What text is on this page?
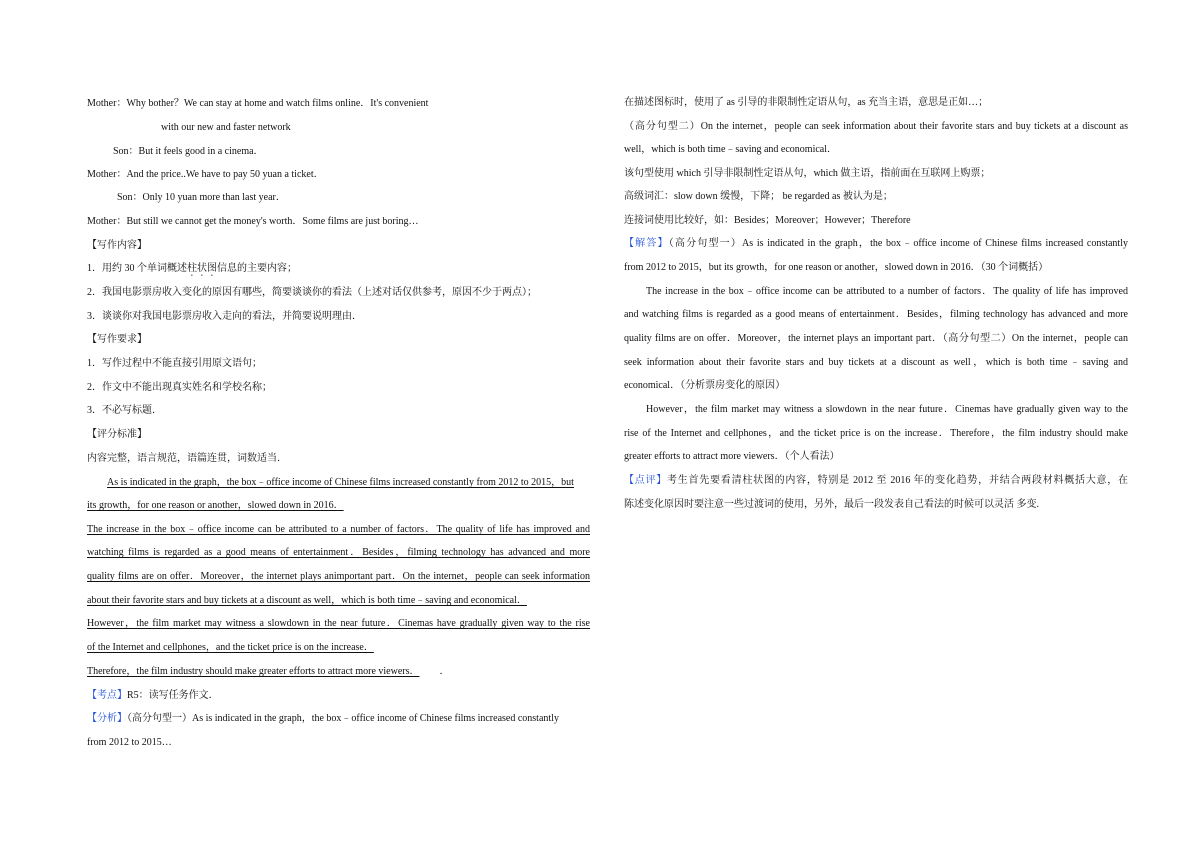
Mother：Why bother？We can stay at home and watch films online．It's convenient
with our new and faster network
Son：But it feels good in a cinema．
Mother：And the price..We have to pay 50 yuan a ticket．
Son：Only 10 yuan more than last year．
Mother：But still we cannot get the money's worth．Some films are just boring…
【写作内容】
1．用约 30 个单词概述柱状图信息的主要内容；
2．我国电影票房收入变化的原因有哪些，简要谈谈你的看法（上述对话仅供参考，原因不少于两点）；
3．谈谈你对我国电影票房收入走向的看法，并简要说明理由．
【写作要求】
1．写作过程中不能直接引用原文语句；
2．作文中不能出现真实姓名和学校名称；
3．不必写标题．
【评分标准】
内容完整，语言规范，语篇连贯，词数适当．
As is indicated in the graph，the box﹣office income of Chinese films increased constantly from 2012 to 2015，but
its growth，for one reason or another，slowed down in 2016．
The increase in the box﹣office income can be attributed to a number of factors．The quality of life has improved and
watching films is regarded as a good means of entertainment．Besides，filming technology has advanced and more
quality films are on offer．Moreover，the internet plays animportant part．On the internet，people can seek information
about their favorite stars and buy tickets at a discount as well，which is both time﹣saving and economical．
However，the film market may witness a slowdown in the near future．Cinemas have gradually given way to the rise
of the Internet and cellphones，and the ticket price is on the increase．
Therefore，the film industry should make greater efforts to attract more viewers． ．
【考点】R5：读写任务作文．
【分析】（高分句型一）As is indicated in the graph，the box﹣office income of Chinese films increased constantly
from 2012 to 2015…
在描述图标时，使用了 as 引导的非限制性定语从句，as 充当主语，意思是正如…；
（高分句型二）On the internet，people can seek information about their favorite stars and buy tickets at a discount as
well，which is both time﹣saving and economical．
该句型使用 which 引导非限制性定语从句，which 做主语，指前面在互联网上购票；
高级词汇：slow down 缓慢，下降； be regarded as 被认为是；
连接词使用比较好，如：Besides；Moreover；However；Therefore
【解答】（高分句型一）As is indicated in the graph，the box﹣office income of Chinese films increased constantly
from 2012 to 2015，but its growth，for one reason or another，slowed down in 2016．（30 个词概括）
The increase in the box﹣office income can be attributed to a number of factors．The quality of life has improved
and watching films is regarded as a good means of entertainment．Besides，filming technology has advanced and more
quality films are on offer．Moreover，the internet plays an important part．（高分句型二）On the internet，people can
seek information about their favorite stars and buy tickets at a discount as well，which is both time﹣saving and
economical．（分析票房变化的原因）
However，the film market may witness a slowdown in the near future．Cinemas have gradually given way to the
rise of the Internet and cellphones，and the ticket price is on the increase．Therefore，the film industry should make
greater efforts to attract more viewers．（个人看法）
【点评】考生首先要看清柱状图的内容，特别是 2012 至 2016 年的变化趋势，并结合两段材料概括大意，在
陈述变化原因时要注意一些过渡词的使用，另外，最后一段发表自己看法的时候可以灵活 多变.
